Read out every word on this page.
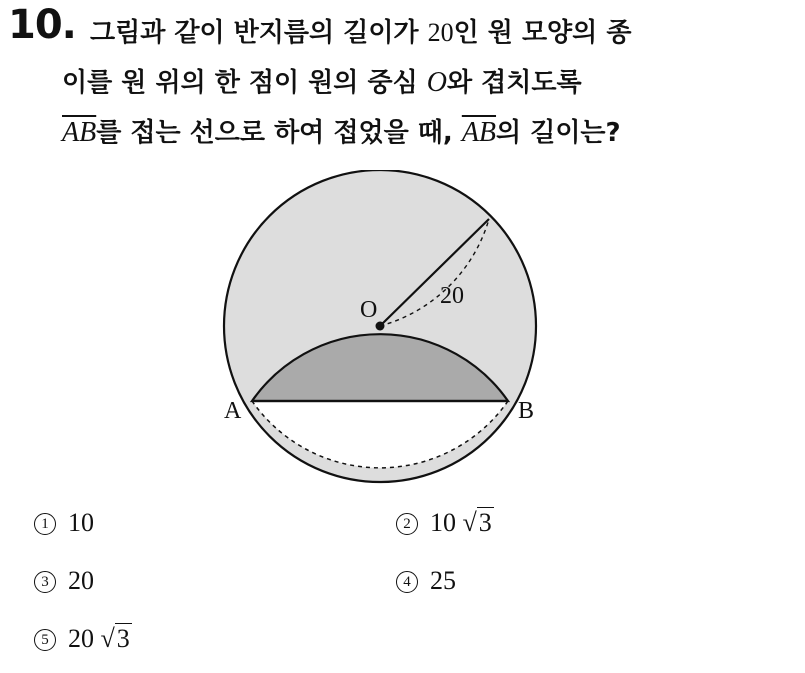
10. 그림과 같이 반지름의 길이가 20인 원 모양의 종
이를 원 위의 한 점이 원의 중심 O와 겹치도록
$\overline{AB}$를 접는 선으로 하여 접었을 때, $\overline{AB}$의 길이는?
O
20
A	B
1 10	2 10 √3
3 20	4 25
5 20 √3
